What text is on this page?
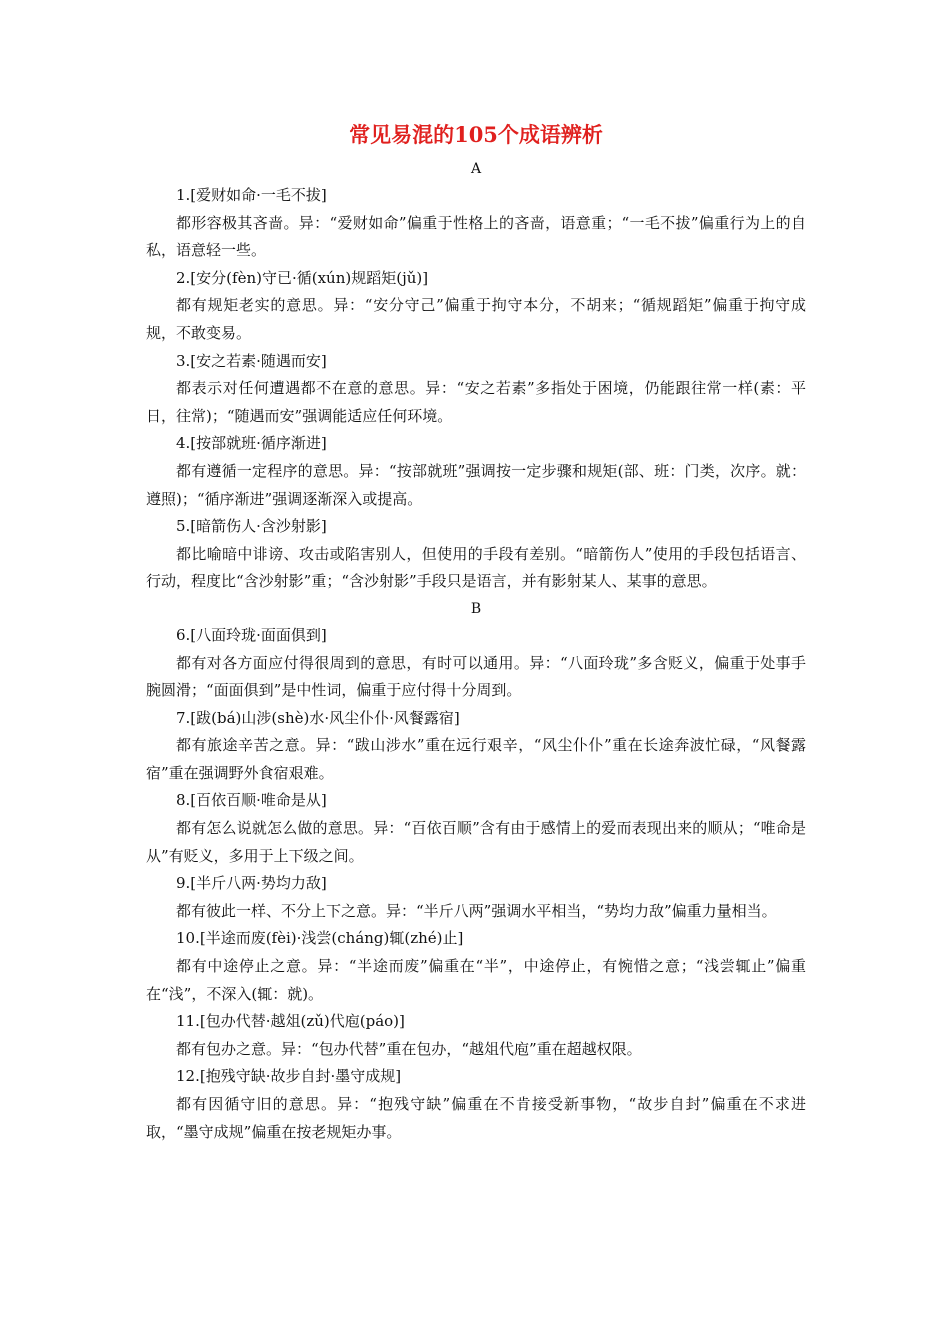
常见易混的105个成语辨析

A

1.[爱财如命·一毛不拔]

都形容极其吝啬。异：“爱财如命”偏重于性格上的吝啬，语意重；“一毛不拔”偏重行为上的自私，语意轻一些。

2.[安分(fèn)守已·循(xún)规蹈矩(jǔ)]

都有规矩老实的意思。异：“安分守己”偏重于拘守本分，不胡来；“循规蹈矩”偏重于拘守成规，不敢变易。

3.[安之若素·随遇而安]

都表示对任何遭遇都不在意的意思。异：“安之若素”多指处于困境，仍能跟往常一样(素：平日，往常)；“随遇而安”强调能适应任何环境。

4.[按部就班·循序渐进]

都有遵循一定程序的意思。异：“按部就班”强调按一定步骤和规矩(部、班：门类，次序。就：遵照)；“循序渐进”强调逐渐深入或提高。

5.[暗箭伤人·含沙射影]

都比喻暗中诽谤、攻击或陷害别人，但使用的手段有差别。“暗箭伤人”使用的手段包括语言、行动，程度比“含沙射影”重；“含沙射影”手段只是语言，并有影射某人、某事的意思。

B

6.[八面玲珑·面面俱到]

都有对各方面应付得很周到的意思，有时可以通用。异：“八面玲珑”多含贬义，偏重于处事手腕圆滑；“面面俱到”是中性词，偏重于应付得十分周到。

7.[跋(bá)山涉(shè)水·风尘仆仆·风餐露宿]

都有旅途辛苦之意。异：“跋山涉水”重在远行艰辛，“风尘仆仆”重在长途奔波忙碌，“风餐露宿”重在强调野外食宿艰难。

8.[百依百顺·唯命是从]

都有怎么说就怎么做的意思。异：“百依百顺”含有由于感情上的爱而表现出来的顺从；“唯命是从”有贬义，多用于上下级之间。

9.[半斤八两·势均力敌]

都有彼此一样、不分上下之意。异：“半斤八两”强调水平相当，“势均力敌”偏重力量相当。

10.[半途而废(fèi)·浅尝(cháng)辄(zhé)止]

都有中途停止之意。异：“半途而废”偏重在“半”，中途停止，有惋惜之意；“浅尝辄止”偏重在“浅”，不深入(辄：就)。

11.[包办代替·越俎(zǔ)代庖(páo)]

都有包办之意。异：“包办代替”重在包办，“越俎代庖”重在超越权限。

12.[抱残守缺·故步自封·墨守成规]

都有因循守旧的意思。异：“抱残守缺”偏重在不肯接受新事物，“故步自封”偏重在不求进取，“墨守成规”偏重在按老规矩办事。
